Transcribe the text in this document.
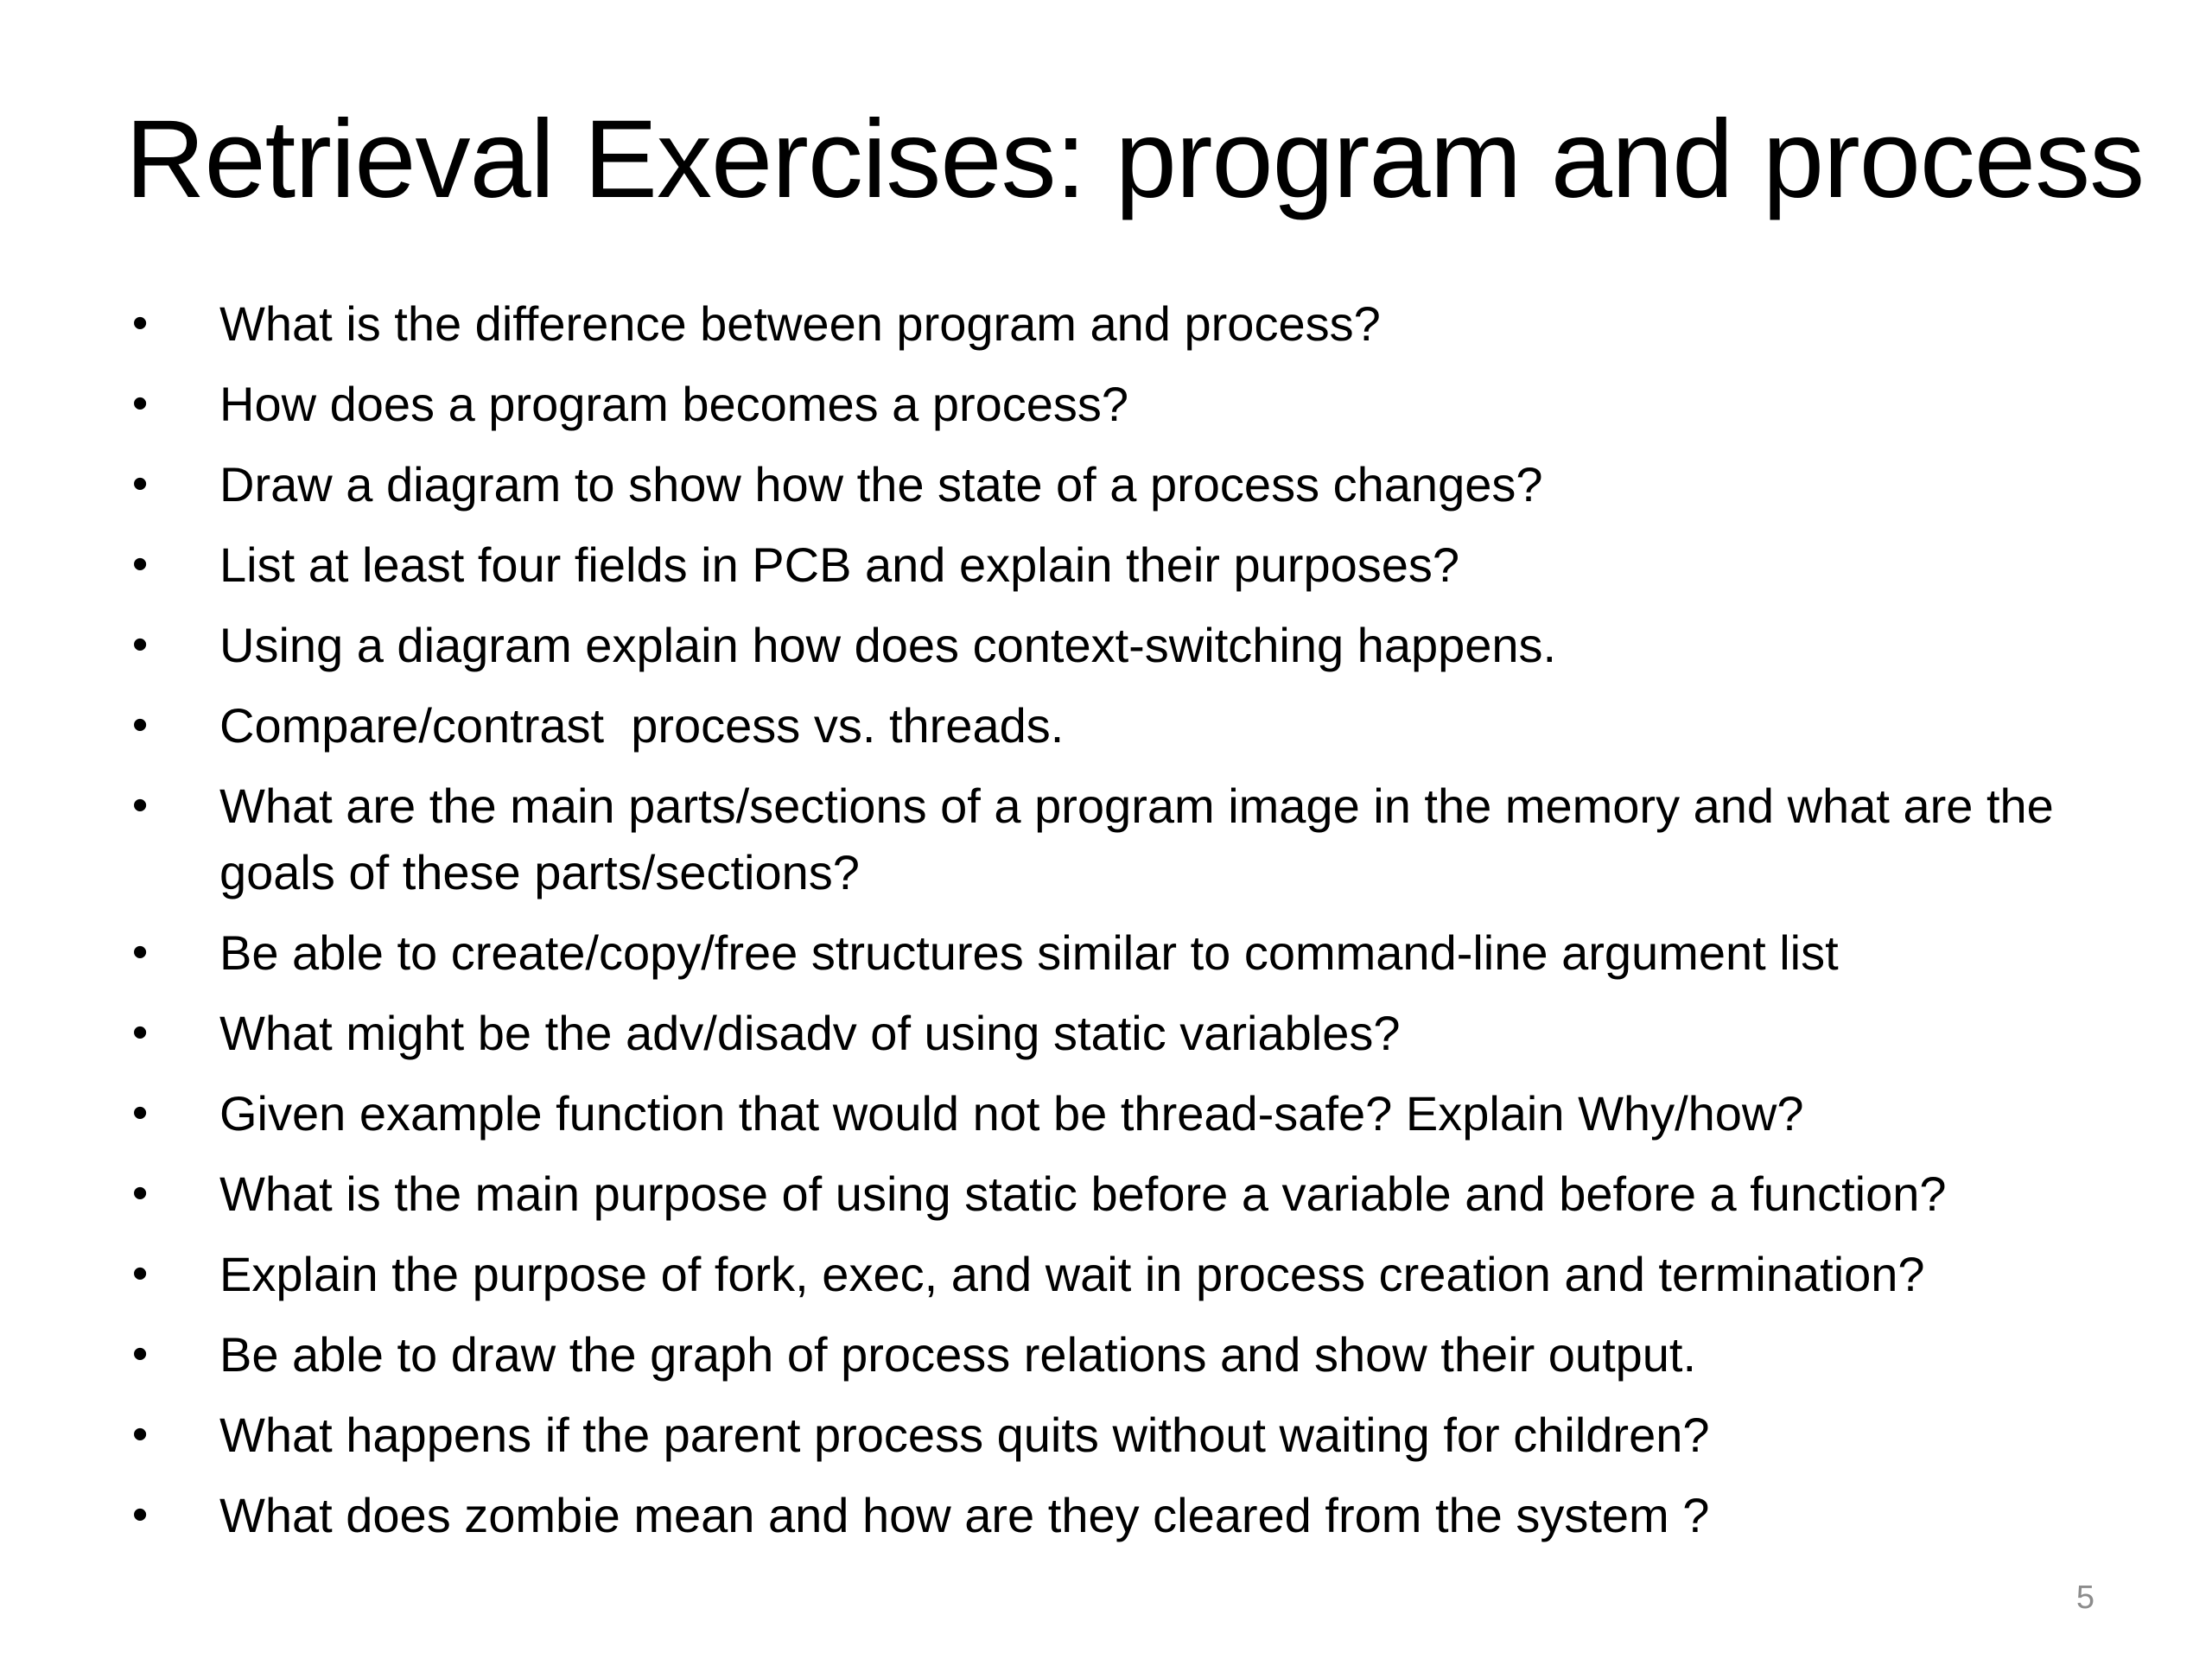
Retrieval Exercises: program and process
• What is the difference between program and process?
• How does a program becomes a process?
• Draw a diagram to show how the state of a process changes?
• List at least four fields in PCB and explain their purposes?
• Using a diagram explain how does context-switching happens.
• Compare/contrast  process vs. threads.
• What are the main parts/sections of a program image in the memory and what are the goals of these parts/sections?
• Be able to create/copy/free structures similar to command-line argument list
• What might be the adv/disadv of using static variables?
• Given example function that would not be thread-safe? Explain Why/how?
• What is the main purpose of using static before a variable and before a function?
• Explain the purpose of fork, exec, and wait in process creation and termination?
• Be able to draw the graph of process relations and show their output.
• What happens if the parent process quits without waiting for children?
• What does zombie mean and how are they cleared from the system ?
5
